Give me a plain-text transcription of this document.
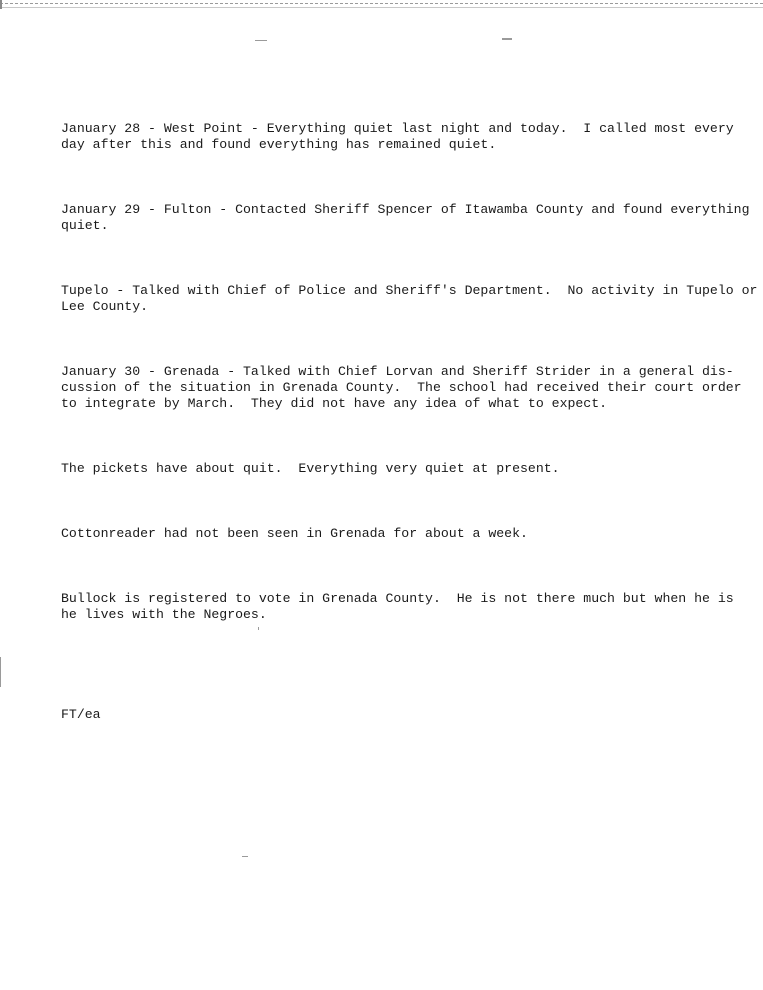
January 28 - West Point - Everything quiet last night and today.  I called most every
day after this and found everything has remained quiet.

January 29 - Fulton - Contacted Sheriff Spencer of Itawamba County and found everything
quiet.

Tupelo - Talked with Chief of Police and Sheriff's Department.  No activity in Tupelo or
Lee County.

January 30 - Grenada - Talked with Chief Lorvan and Sheriff Strider in a general dis-
cussion of the situation in Grenada County.  The school had received their court order
to integrate by March.  They did not have any idea of what to expect.

The pickets have about quit.  Everything very quiet at present.

Cottonreader had not been seen in Grenada for about a week.

Bullock is registered to vote in Grenada County.  He is not there much but when he is
he lives with the Negroes.

FT/ea
